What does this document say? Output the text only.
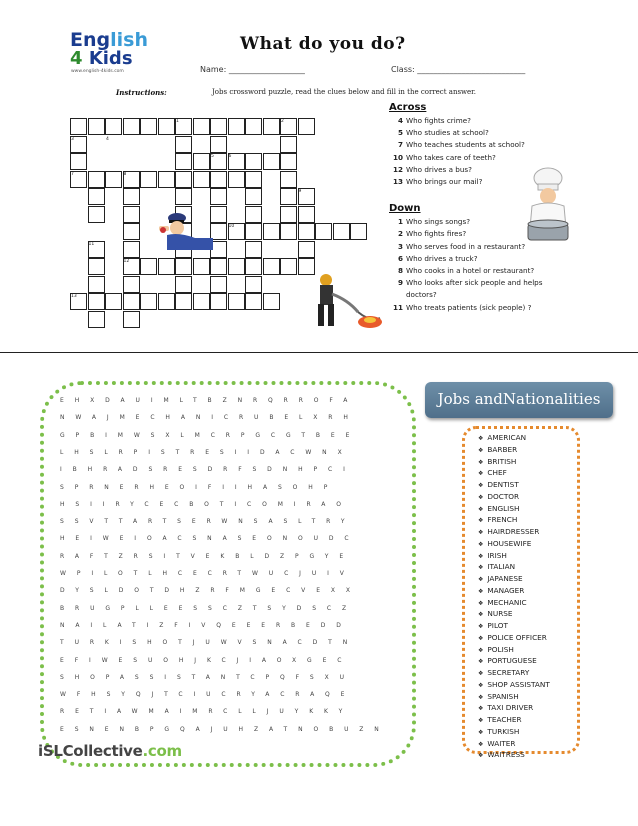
English
4 Kids
www.english-4kids.com
What do you do?
Name: ___________________	Class: ___________________________
Instructions:	Jobs crossword puzzle, read the clues below and fill in the correct answer.
1	2
3	4
5	6
7	8
9
10
11
12
13
Across
4 Who fights crime?
5 Who studies at school?
7 Who teaches students at school?
10 Who takes care of teeth?
12 Who drives a bus?
13 Who brings our mail?
Down
1 Who sings songs?
2 Who fights fires?
3 Who serves food in a restaurant?
6 Who drives a truck?
8 Who cooks in a hotel or restaurant?
9 Who looks after sick people and helps
doctors?
11 Who treats patients (sick people) ?
EHXDAUIMLTBZNRQRROFA
NWAJMECHANICRUBELXRH
GPBIMWSXLMCRPGCGTBEE
LHSLRPISTRESIIDACWNX
IBHRADSRESDRFSDNHPCI
SPRNERHEOIFIIHASOHP
HSIIRYCECBOTICOMIRAO
SSVTTARTSERWNSASLTRY
HEIWEIOACSNASEONOUDC
RAFTZRSITVEKBLDZPGYE
WPILOTLHCECRTWUCJUIV
DYSLDOTDHZRFMGECVEXX
BRUGPLLEESSCZTSYDSCZ
NAILATIZFIVQEEERBEDD
TURKISHOTJUWVSNACDTN
EFIWESUOHJKCJIAOXGEC
SHOPASSISTANTCPQFSXU
WFHSYQJTCIUCRYACRAQE
RETIAWMAIMRCLLJUYKKY
ESNENBPGQAJUHZATNOBUZN
Jobs andNationalities
❖ AMERICAN
❖ BARBER
❖ BRITISH
❖ CHEF
❖ DENTIST
❖ DOCTOR
❖ ENGLISH
❖ FRENCH
❖ HAIRDRESSER
❖ HOUSEWIFE
❖ IRISH
❖ ITALIAN
❖ JAPANESE
❖ MANAGER
❖ MECHANIC
❖ NURSE
❖ PILOT
❖ POLICE OFFICER
❖ POLISH
❖ PORTUGUESE
❖ SECRETARY
❖ SHOP ASSISTANT
❖ SPANISH
❖ TAXI DRIVER
❖ TEACHER
❖ TURKISH
❖ WAITER
❖ WAITRESS
iSLCollective.com
